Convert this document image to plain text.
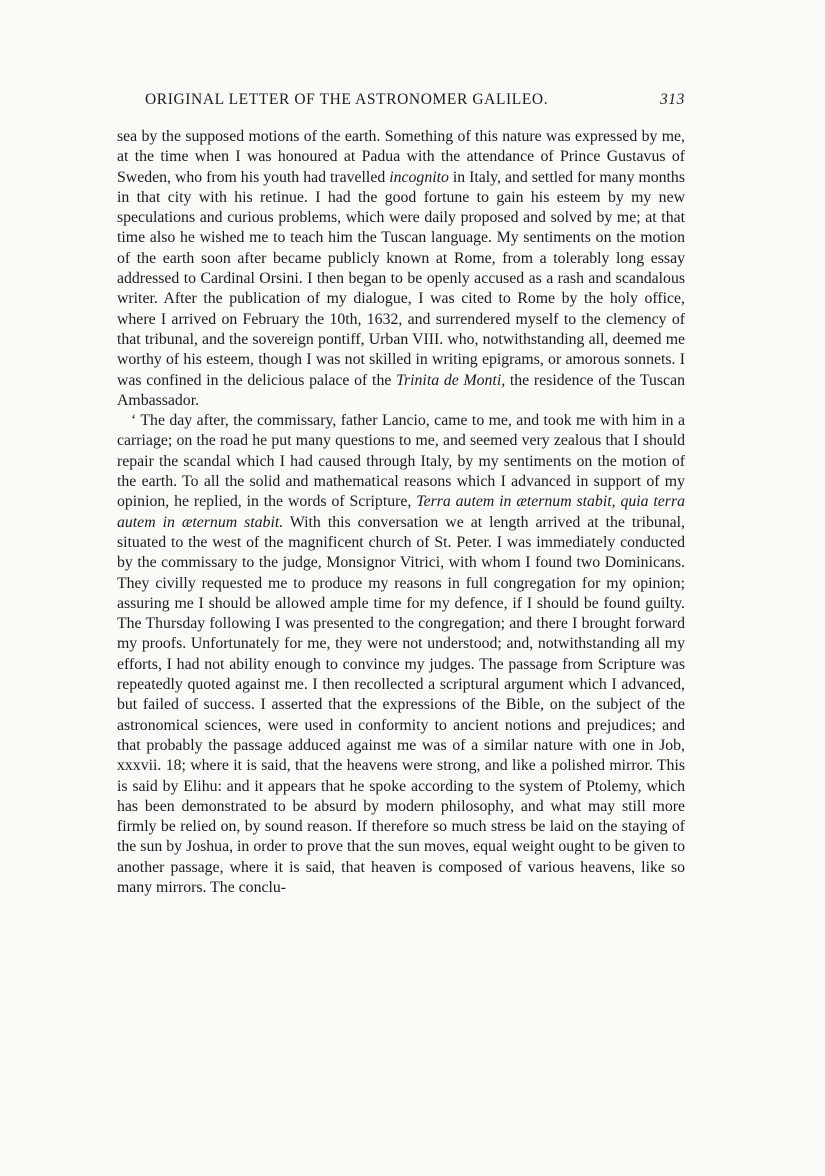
ORIGINAL LETTER OF THE ASTRONOMER GALILEO.	313

sea by the supposed motions of the earth. Something of this nature was expressed by me, at the time when I was honoured at Padua with the attendance of Prince Gustavus of Sweden, who from his youth had travelled incognito in Italy, and settled for many months in that city with his retinue. I had the good fortune to gain his esteem by my new speculations and curious problems, which were daily proposed and solved by me; at that time also he wished me to teach him the Tuscan language. My sentiments on the motion of the earth soon after became publicly known at Rome, from a tolerably long essay addressed to Cardinal Orsini. I then began to be openly accused as a rash and scandalous writer. After the publication of my dialogue, I was cited to Rome by the holy office, where I arrived on February the 10th, 1632, and surrendered myself to the clemency of that tribunal, and the sovereign pontiff, Urban VIII. who, notwithstanding all, deemed me worthy of his esteem, though I was not skilled in writing epigrams, or amorous sonnets. I was confined in the delicious palace of the Trinita de Monti, the residence of the Tuscan Ambassador.

‘ The day after, the commissary, father Lancio, came to me, and took me with him in a carriage; on the road he put many questions to me, and seemed very zealous that I should repair the scandal which I had caused through Italy, by my sentiments on the motion of the earth. To all the solid and mathematical reasons which I advanced in support of my opinion, he replied, in the words of Scripture, Terra autem in æternum stabit, quia terra autem in æternum stabit. With this conversation we at length arrived at the tribunal, situated to the west of the magnificent church of St. Peter. I was immediately conducted by the commissary to the judge, Monsignor Vitrici, with whom I found two Dominicans. They civilly requested me to produce my reasons in full congregation for my opinion; assuring me I should be allowed ample time for my defence, if I should be found guilty. The Thursday following I was presented to the congregation; and there I brought forward my proofs. Unfortunately for me, they were not understood; and, notwithstanding all my efforts, I had not ability enough to convince my judges. The passage from Scripture was repeatedly quoted against me. I then recollected a scriptural argument which I advanced, but failed of success. I asserted that the expressions of the Bible, on the subject of the astronomical sciences, were used in conformity to ancient notions and prejudices; and that probably the passage adduced against me was of a similar nature with one in Job, xxxvii. 18; where it is said, that the heavens were strong, and like a polished mirror. This is said by Elihu: and it appears that he spoke according to the system of Ptolemy, which has been demonstrated to be absurd by modern philosophy, and what may still more firmly be relied on, by sound reason. If therefore so much stress be laid on the staying of the sun by Joshua, in order to prove that the sun moves, equal weight ought to be given to another passage, where it is said, that heaven is composed of various heavens, like so many mirrors. The conclu-
